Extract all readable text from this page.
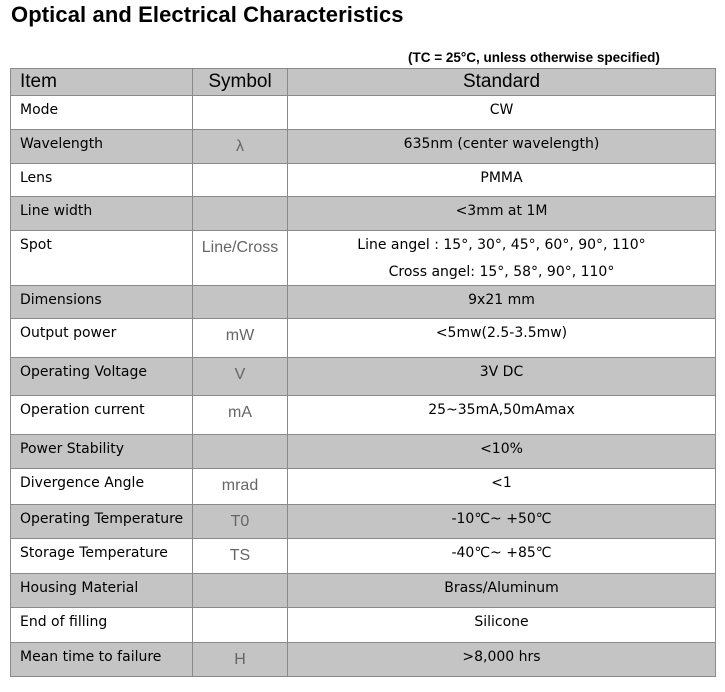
Optical and Electrical Characteristics
(TC = 25°C, unless otherwise specified)
Item	Symbol	Standard

Mode		CW

Wavelength	λ	635nm (center wavelength)

Lens		PMMA

Line width		<3mm at 1M

Spot	Line/Cross	Line angel : 15°, 30°, 45°, 60°, 90°, 110°
Cross angel: 15°, 58°, 90°, 110°

Dimensions		9x21 mm

Output power	mW	<5mw(2.5-3.5mw)

Operating Voltage	V	3V DC

Operation current	mA	25~35mA,50mAmax

Power Stability		<10%

Divergence Angle	mrad	<1

Operating Temperature	T0	-10℃~ +50℃

Storage Temperature	TS	-40℃~ +85℃

Housing Material		Brass/Aluminum

End of filling		Silicone

Mean time to failure	H	>8,000 hrs
